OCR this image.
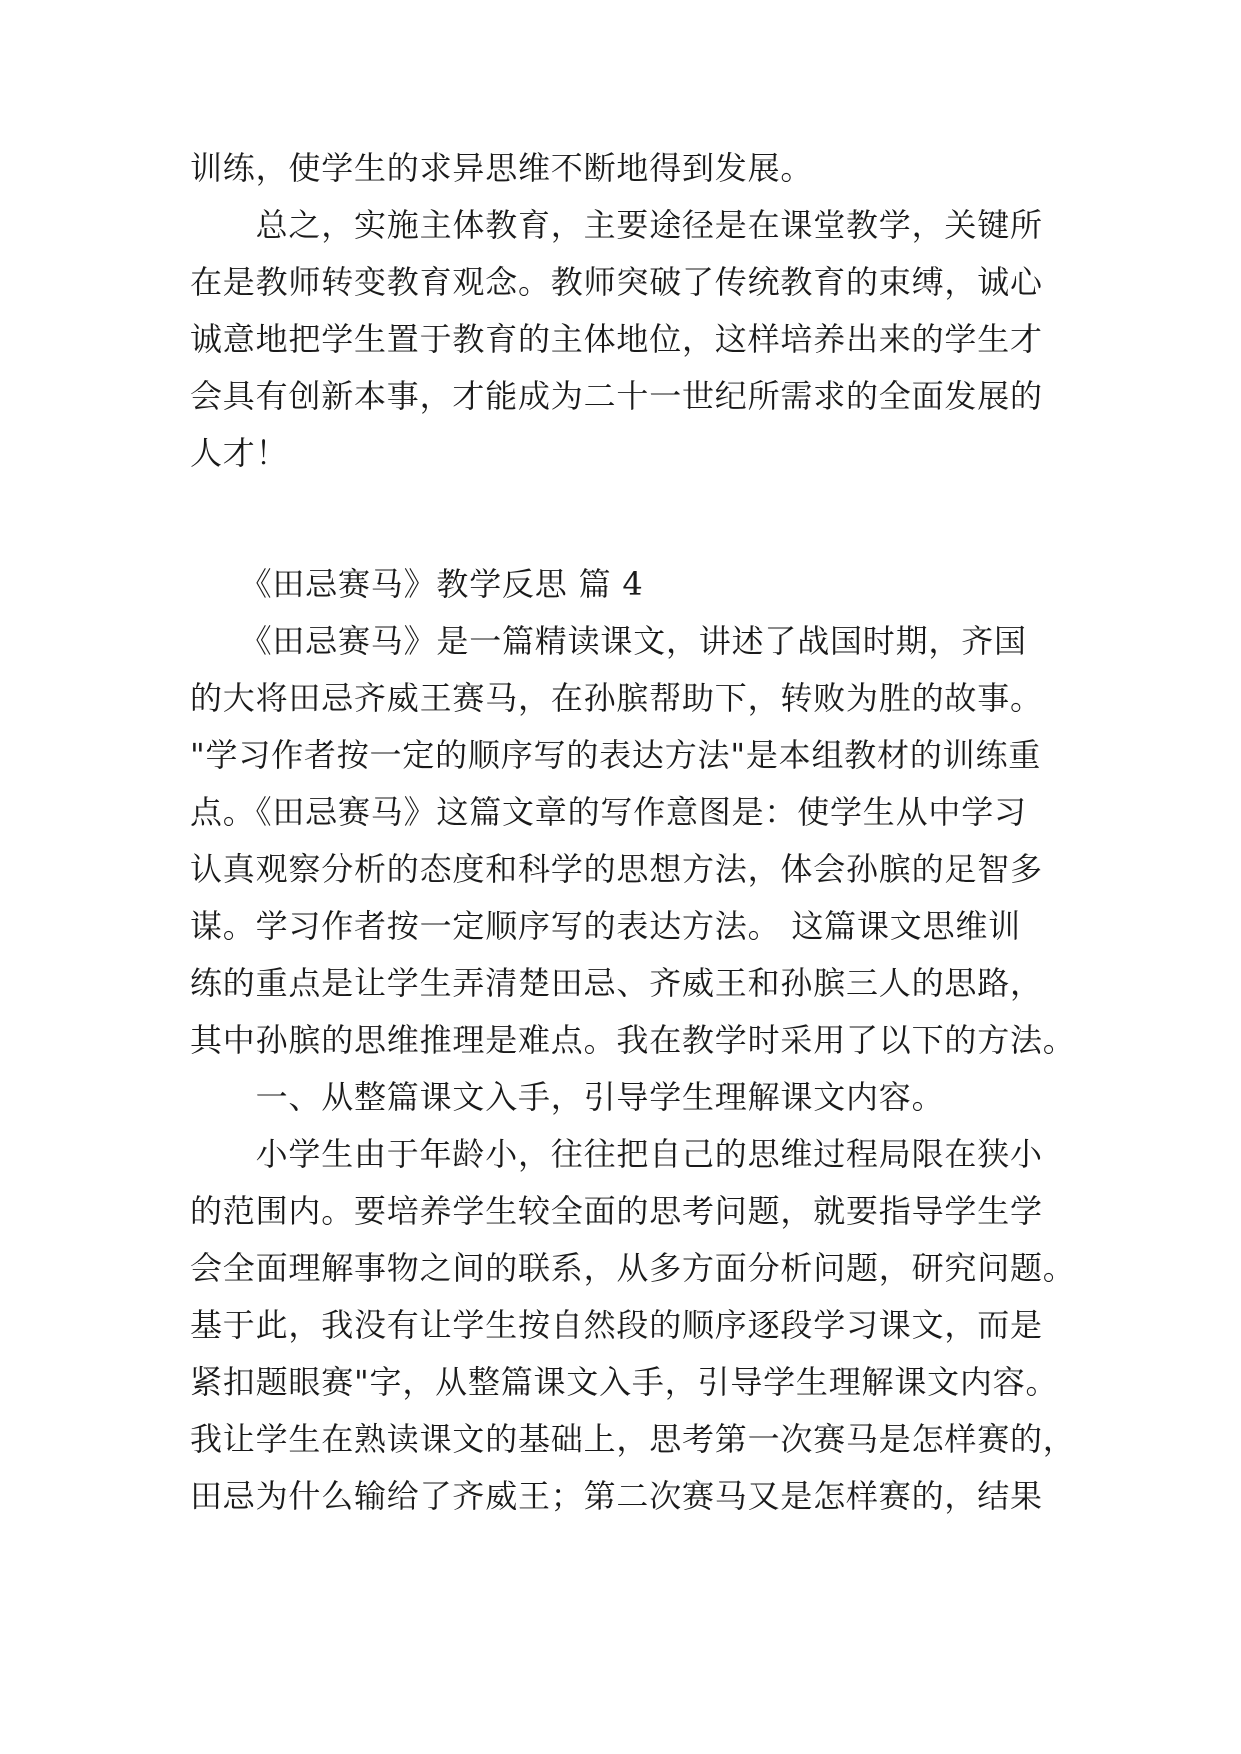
训练，使学生的求异思维不断地得到发展。
　　总之，实施主体教育，主要途径是在课堂教学，关键所
在是教师转变教育观念。教师突破了传统教育的束缚，诚心
诚意地把学生置于教育的主体地位，这样培养出来的学生才
会具有创新本事，才能成为二十一世纪所需求的全面发展的
人才！
　　《田忌赛马》教学反思 篇 4
　　《田忌赛马》是一篇精读课文，讲述了战国时期，齐国
的大将田忌齐威王赛马，在孙膑帮助下，转败为胜的故事。
"学习作者按一定的顺序写的表达方法"是本组教材的训练重
点。《田忌赛马》这篇文章的写作意图是：使学生从中学习
认真观察分析的态度和科学的思想方法，体会孙膑的足智多
谋。学习作者按一定顺序写的表达方法。 这篇课文思维训
练的重点是让学生弄清楚田忌、齐威王和孙膑三人的思路，
其中孙膑的思维推理是难点。我在教学时采用了以下的方法。
　　一、从整篇课文入手，引导学生理解课文内容。
　　小学生由于年龄小，往往把自己的思维过程局限在狭小
的范围内。要培养学生较全面的思考问题，就要指导学生学
会全面理解事物之间的联系，从多方面分析问题，研究问题。
基于此，我没有让学生按自然段的顺序逐段学习课文，而是
紧扣题眼赛"字，从整篇课文入手，引导学生理解课文内容。
我让学生在熟读课文的基础上，思考第一次赛马是怎样赛的，
田忌为什么输给了齐威王；第二次赛马又是怎样赛的，结果
